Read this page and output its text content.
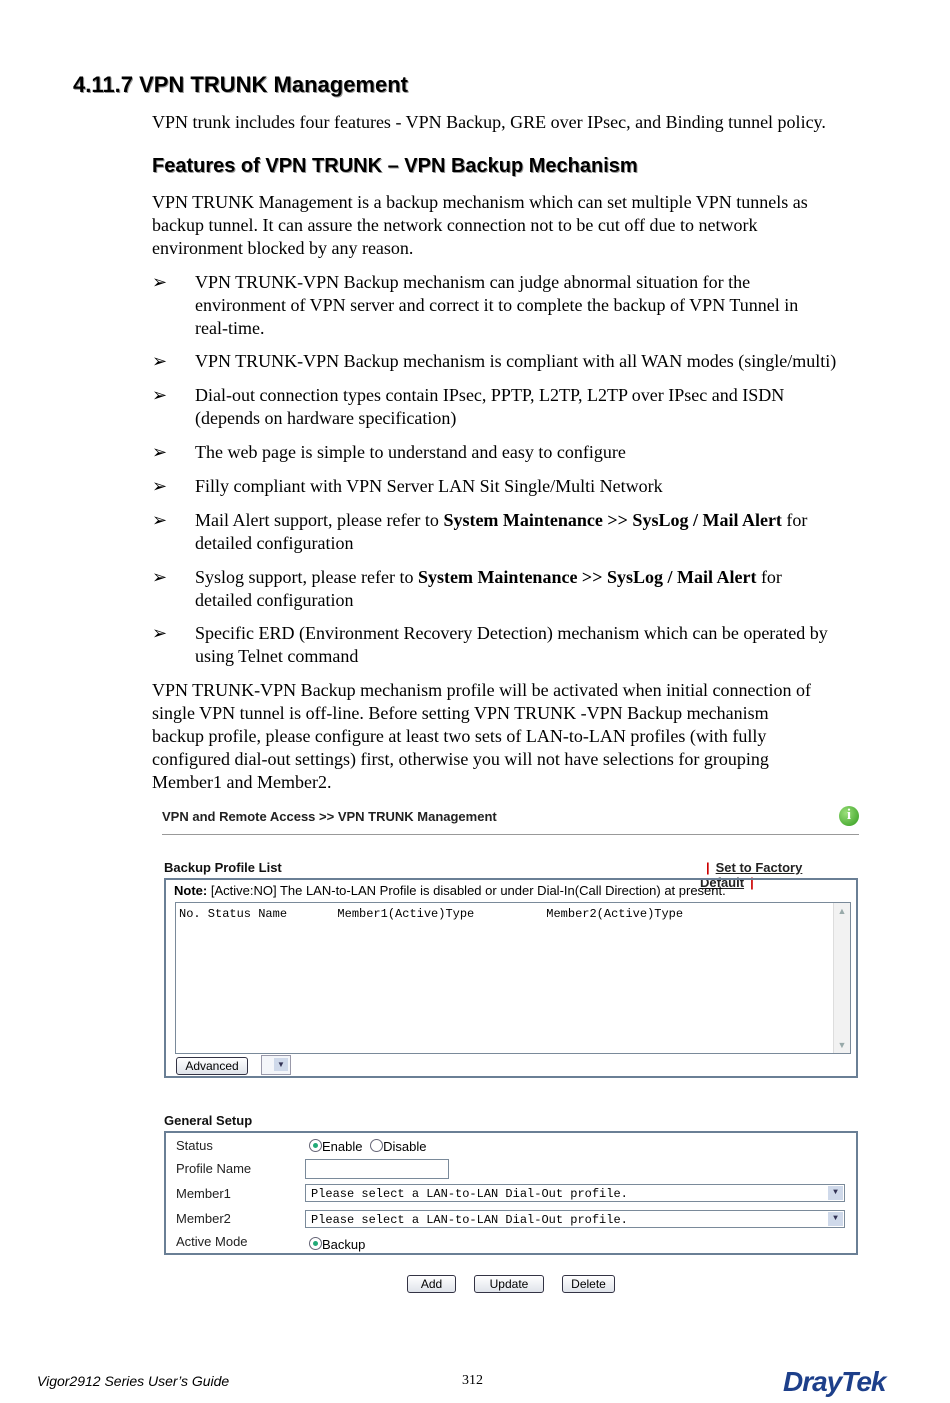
4.11.7 VPN TRUNK Management
VPN trunk includes four features - VPN Backup, GRE over IPsec, and Binding tunnel policy.
Features of VPN TRUNK – VPN Backup Mechanism
VPN TRUNK Management is a backup mechanism which can set multiple VPN tunnels as
backup tunnel. It can assure the network connection not to be cut off due to network
environment blocked by any reason.
➢ VPN TRUNK-VPN Backup mechanism can judge abnormal situation for the
environment of VPN server and correct it to complete the backup of VPN Tunnel in
real-time.
➢ VPN TRUNK-VPN Backup mechanism is compliant with all WAN modes (single/multi)
➢ Dial-out connection types contain IPsec, PPTP, L2TP, L2TP over IPsec and ISDN
(depends on hardware specification)
➢ The web page is simple to understand and easy to configure
➢ Filly compliant with VPN Server LAN Sit Single/Multi Network
➢ Mail Alert support, please refer to System Maintenance >> SysLog / Mail Alert for
detailed configuration
➢ Syslog support, please refer to System Maintenance >> SysLog / Mail Alert for
detailed configuration
➢ Specific ERD (Environment Recovery Detection) mechanism which can be operated by
using Telnet command
VPN TRUNK-VPN Backup mechanism profile will be activated when initial connection of
single VPN tunnel is off-line. Before setting VPN TRUNK -VPN Backup mechanism
backup profile, please configure at least two sets of LAN-to-LAN profiles (with fully
configured dial-out settings) first, otherwise you will not have selections for grouping
Member1 and Member2.
VPN and Remote Access >> VPN TRUNK Management
i
Backup Profile List	| Set to Factory Default |
Note: [Active:NO] The LAN-to-LAN Profile is disabled or under Dial-In(Call Direction) at present.
No. Status Name       Member1(Active)Type          Member2(Active)Type	▲
▼
Advanced	▼
General Setup
Status	Enable Disable
Profile Name
Member1	Please select a LAN-to-LAN Dial-Out profile.	▼
Member2	Please select a LAN-to-LAN Dial-Out profile.	▼
Active Mode	Backup
Add	Update	Delete
Vigor2912 Series User’s Guide	312	DrayTek
